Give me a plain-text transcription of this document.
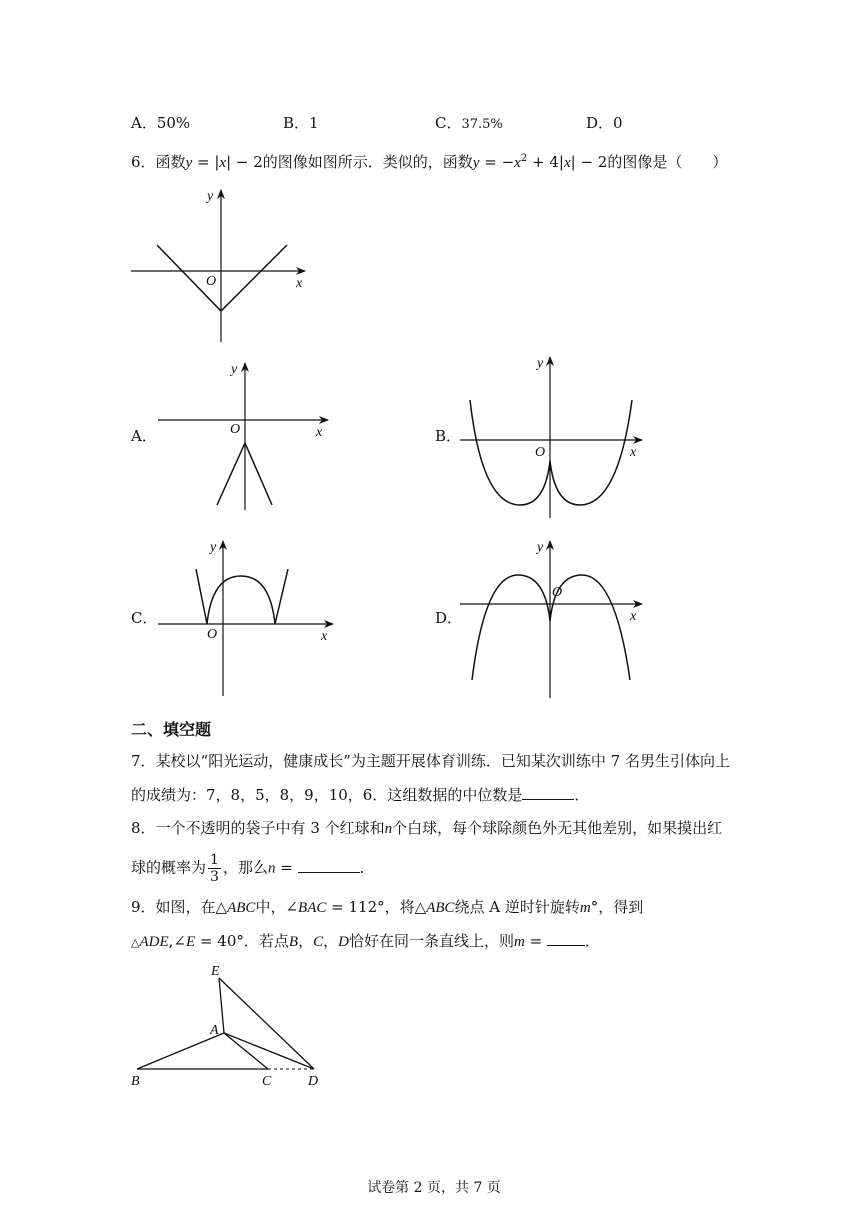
A．50%	B．1	C．37.5%	D．0
6．函数y = |x| − 2的图像如图所示．类似的，函数$y = -x^2 + 4|x| - 2$的图像是（　　）
y
x
O
A．
y
x
O	B．
y
x
O
C．
y
x
O
D．
y
x
O
二、填空题
7．某校以“阳光运动，健康成长”为主题开展体育训练．已知某次训练中 7 名男生引体向上
的成绩为：7，8，5，8，9，10，6．这组数据的中位数是	．
8．一个不透明的袋子中有 3 个红球和n个白球，每个球除颜色外无其他差别，如果摸出红
球的概率为 $\frac{1}{3}$ ，那么n =	．
9．如图，在△ABC中，∠BAC = 112°，将△ABC绕点 A 逆时针旋转m°，得到
△ADE,∠E = 40°．若点B，C，D恰好在同一条直线上，则m =	．
E
A
B	C	D
试卷第 2 页，共 7 页
